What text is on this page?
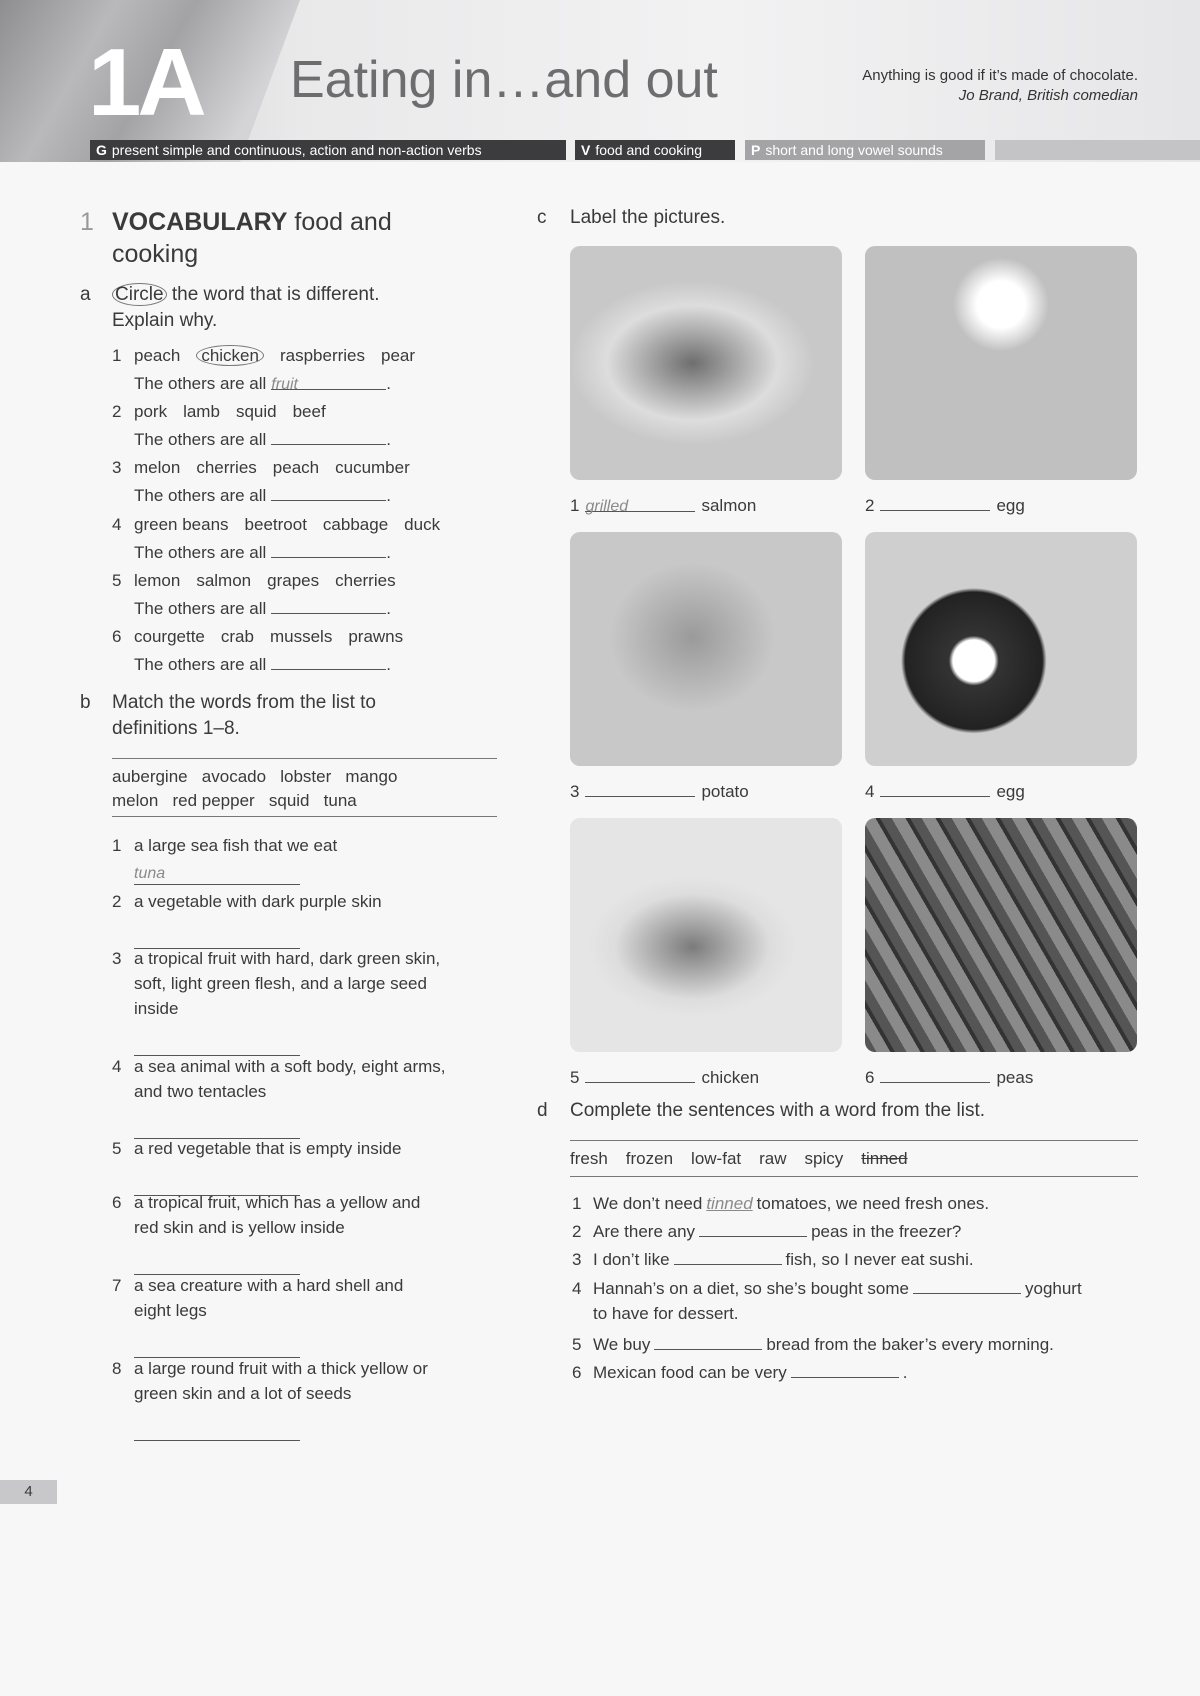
1A Eating in…and out	Anything is good if it’s made of chocolate.
Jo Brand, British comedian
G present simple and continuous, action and non-action verbs	V food and cooking	P short and long vowel sounds
1 VOCABULARY food and
cooking
4
a Circle the word that is different.
Explain why.
1 peach chicken raspberries pear
The others are all fruit	.
2 pork lamb squid beef
The others are all	.
3 melon cherries peach cucumber
The others are all	.
4 green beans beetroot cabbage duck
The others are all	.
5 lemon salmon grapes cherries
The others are all	.
6 courgette crab mussels prawns
The others are all	.
b Match the words from the list to
definitions 1–8.
aubergine   avocado   lobster   mango
melon   red pepper   squid   tuna
1 a large sea fish that we eat
tuna
2 a vegetable with dark purple skin
3 a tropical fruit with hard, dark green skin,
soft, light green flesh, and a large seed
inside
4 a sea animal with a soft body, eight arms,
and two tentacles
5 a red vegetable that is empty inside
6 a tropical fruit, which has a yellow and
red skin and is yellow inside
7 a sea creature with a hard shell and
eight legs
8 a large round fruit with a thick yellow or
green skin and a lot of seeds
c Label the pictures.
1 grilled	salmon	2	egg
3	potato	4	egg
5	chicken	6	peas
d Complete the sentences with a word from the list.
fresh frozen low-fat raw spicy tinned
1 We don’t need tinned tomatoes, we need fresh ones.
2 Are there any	peas in the freezer?
3 I don’t like	fish, so I never eat sushi.
4 Hannah’s on a diet, so she’s bought some	yoghurt
to have for dessert.
5 We buy	bread from the baker’s every morning.
6 Mexican food can be very	.
